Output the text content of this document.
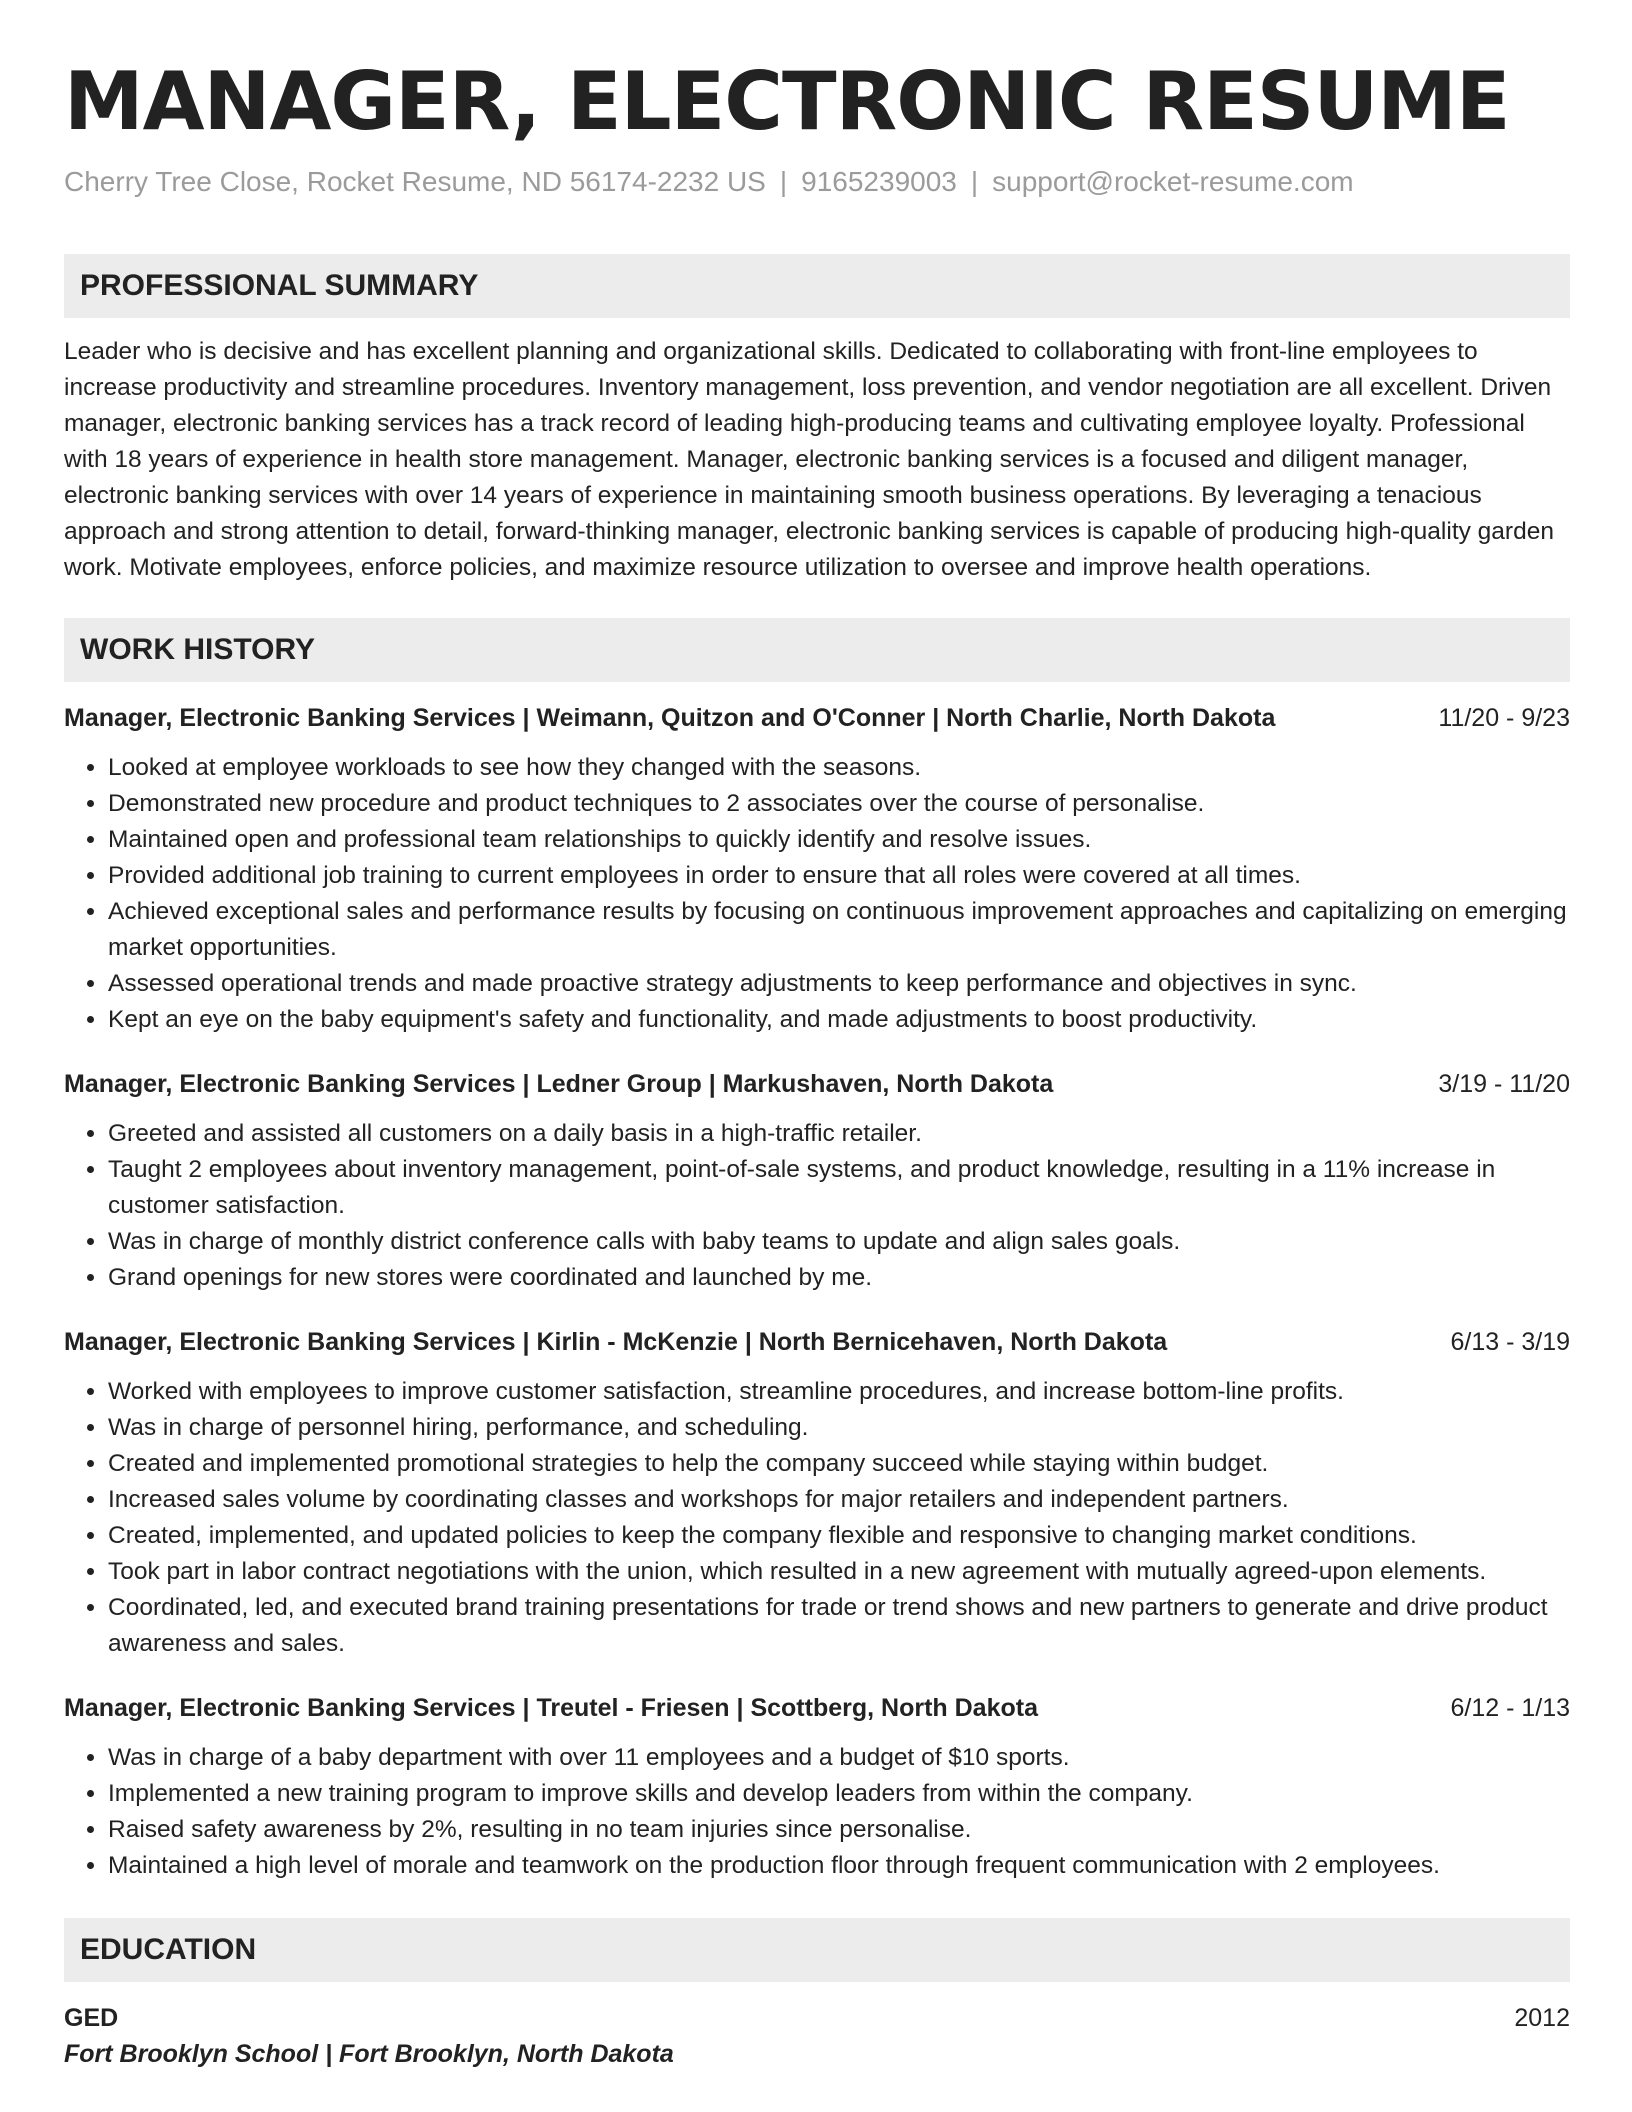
MANAGER, ELECTRONIC RESUME
Cherry Tree Close, Rocket Resume, ND 56174-2232 US | 9165239003 | support@rocket-resume.com
PROFESSIONAL SUMMARY

Leader who is decisive and has excellent planning and organizational skills. Dedicated to collaborating with front-line employees to increase productivity and streamline procedures. Inventory management, loss prevention, and vendor negotiation are all excellent. Driven manager, electronic banking services has a track record of leading high-producing teams and cultivating employee loyalty. Professional with 18 years of experience in health store management. Manager, electronic banking services is a focused and diligent manager, electronic banking services with over 14 years of experience in maintaining smooth business operations. By leveraging a tenacious approach and strong attention to detail, forward-thinking manager, electronic banking services is capable of producing high-quality garden work. Motivate employees, enforce policies, and maximize resource utilization to oversee and improve health operations.

WORK HISTORY
Manager, Electronic Banking Services | Weimann, Quitzon and O'Conner | North Charlie, North Dakota	11/20 - 9/23
• Looked at employee workloads to see how they changed with the seasons.
• Demonstrated new procedure and product techniques to 2 associates over the course of personalise.
• Maintained open and professional team relationships to quickly identify and resolve issues.
• Provided additional job training to current employees in order to ensure that all roles were covered at all times.
• Achieved exceptional sales and performance results by focusing on continuous improvement approaches and capitalizing on emerging market opportunities.
• Assessed operational trends and made proactive strategy adjustments to keep performance and objectives in sync.
• Kept an eye on the baby equipment's safety and functionality, and made adjustments to boost productivity.
Manager, Electronic Banking Services | Ledner Group | Markushaven, North Dakota	3/19 - 11/20
• Greeted and assisted all customers on a daily basis in a high-traffic retailer.
• Taught 2 employees about inventory management, point-of-sale systems, and product knowledge, resulting in a 11% increase in customer satisfaction.
• Was in charge of monthly district conference calls with baby teams to update and align sales goals.
• Grand openings for new stores were coordinated and launched by me.
Manager, Electronic Banking Services | Kirlin - McKenzie | North Bernicehaven, North Dakota	6/13 - 3/19
• Worked with employees to improve customer satisfaction, streamline procedures, and increase bottom-line profits.
• Was in charge of personnel hiring, performance, and scheduling.
• Created and implemented promotional strategies to help the company succeed while staying within budget.
• Increased sales volume by coordinating classes and workshops for major retailers and independent partners.
• Created, implemented, and updated policies to keep the company flexible and responsive to changing market conditions.
• Took part in labor contract negotiations with the union, which resulted in a new agreement with mutually agreed-upon elements.
• Coordinated, led, and executed brand training presentations for trade or trend shows and new partners to generate and drive product awareness and sales.
Manager, Electronic Banking Services | Treutel - Friesen | Scottberg, North Dakota	6/12 - 1/13
• Was in charge of a baby department with over 11 employees and a budget of $10 sports.
• Implemented a new training program to improve skills and develop leaders from within the company.
• Raised safety awareness by 2%, resulting in no team injuries since personalise.
• Maintained a high level of morale and teamwork on the production floor through frequent communication with 2 employees.
EDUCATION
GED	2012
Fort Brooklyn School | Fort Brooklyn, North Dakota
